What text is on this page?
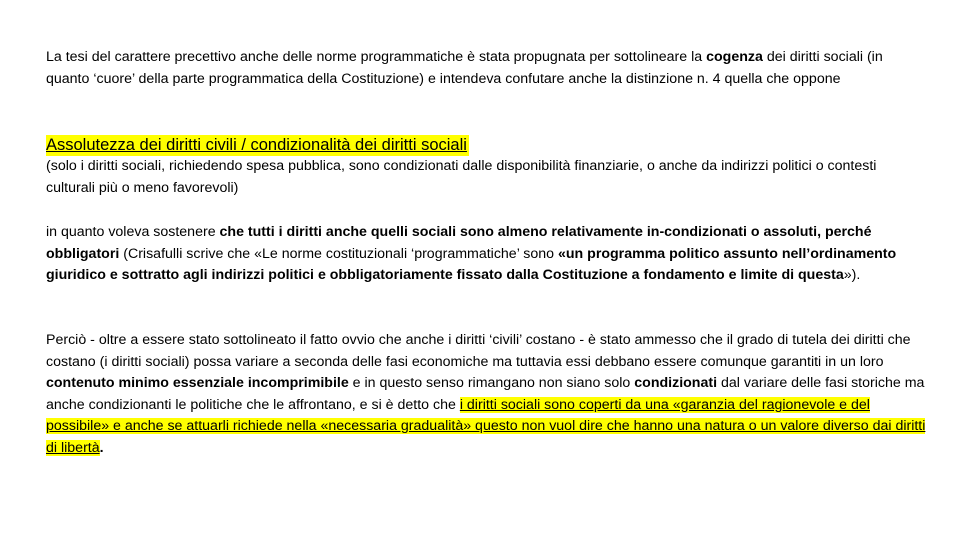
La tesi del carattere precettivo anche delle norme programmatiche è stata propugnata per sottolineare la cogenza dei diritti sociali (in quanto ‘cuore’ della parte programmatica della Costituzione) e intendeva confutare anche la distinzione n. 4 quella che oppone
Assolutezza dei diritti civili / condizionalità dei diritti sociali
(solo i diritti sociali, richiedendo spesa pubblica, sono condizionati dalle disponibilità finanziarie, o anche da indirizzi politici o contesti culturali più o meno favorevoli)
in quanto voleva sostenere che tutti i diritti anche quelli sociali sono almeno relativamente in-condizionati o assoluti, perché obbligatori (Crisafulli scrive che «Le norme costituzionali ‘programmatiche’ sono «un programma politico assunto nell’ordinamento giuridico e sottratto agli indirizzi politici e obbligatoriamente fissato dalla Costituzione a fondamento e limite di questa»).
Perciò - oltre a essere stato sottolineato il fatto ovvio che anche i diritti ‘civili’ costano - è stato ammesso che il grado di tutela dei diritti che costano (i diritti sociali) possa variare a seconda delle fasi economiche ma tuttavia essi debbano essere comunque garantiti in un loro contenuto minimo essenziale incomprimibile e in questo senso rimangano non siano solo condizionati dal variare delle fasi storiche ma anche condizionanti le politiche che le affrontano, e si è detto che i diritti sociali sono coperti da una «garanzia del ragionevole e del possibile» e anche se attuarli richiede nella «necessaria gradualità» questo non vuol dire che hanno una natura o un valore diverso dai diritti di libertà.
